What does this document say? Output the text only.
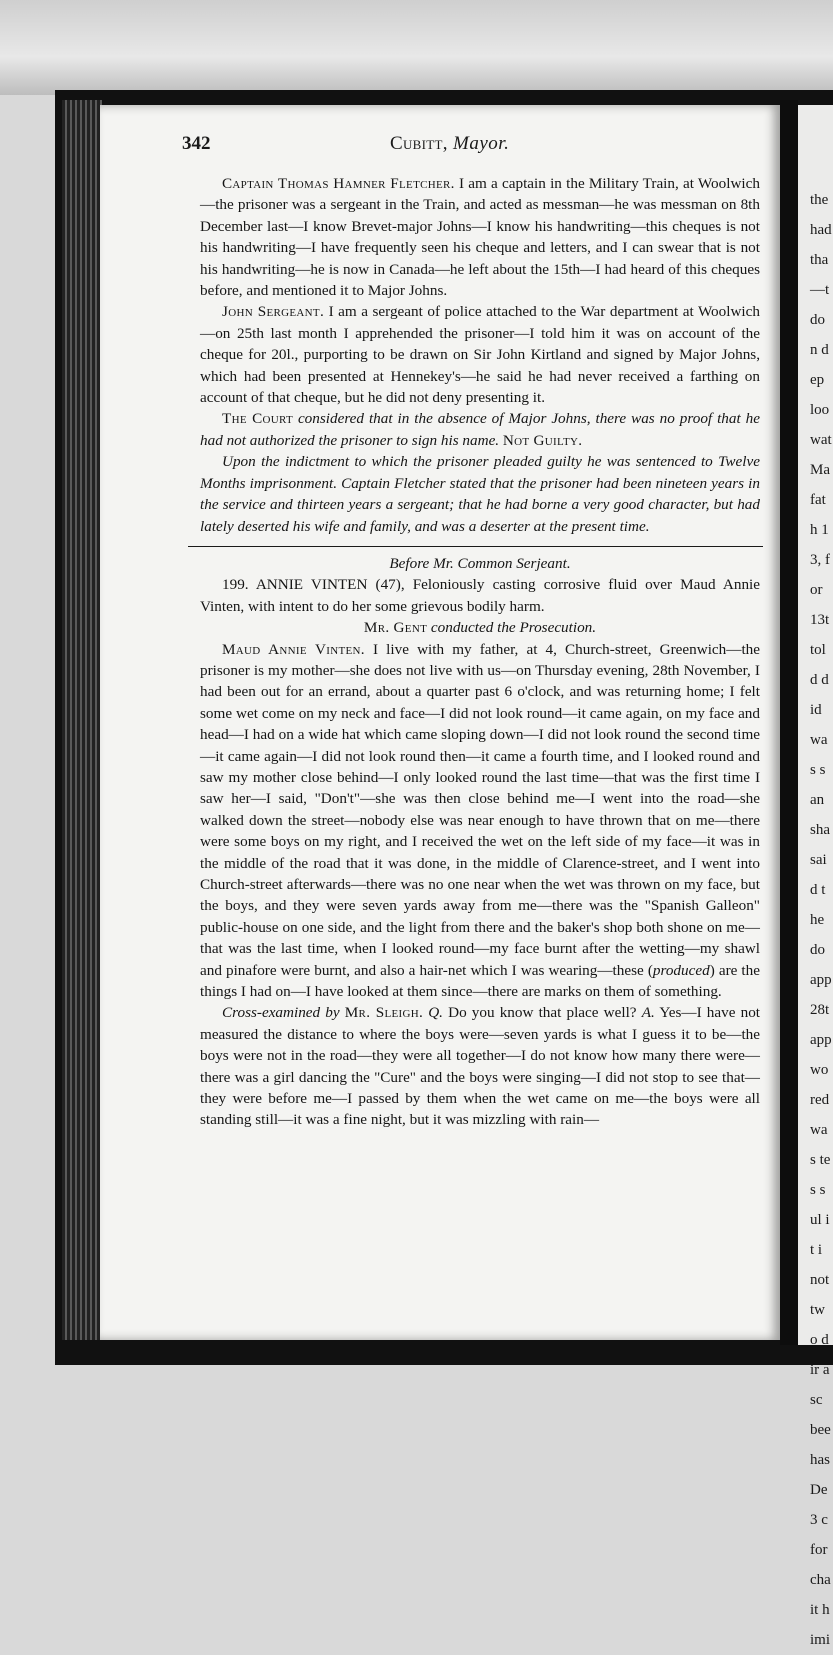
the had tha —t don dep loo wat Ma fath 13, for 13t told did was san sha said the do app 28t app wo red was tes sul it i not two dir asc bee has De 3 c for cha it h imi
342	Cubitt, Mayor.

Captain Thomas Hamner Fletcher. I am a captain in the Military Train, at Woolwich—the prisoner was a sergeant in the Train, and acted as messman—he was messman on 8th December last—I know Brevet-major Johns—I know his handwriting—this cheques is not his handwriting—I have frequently seen his cheque and letters, and I can swear that is not his handwriting—he is now in Canada—he left about the 15th—I had heard of this cheques before, and mentioned it to Major Johns.

John Sergeant. I am a sergeant of police attached to the War department at Woolwich—on 25th last month I apprehended the prisoner—I told him it was on account of the cheque for 20l., purporting to be drawn on Sir John Kirtland and signed by Major Johns, which had been presented at Hennekey's—he said he had never received a farthing on account of that cheque, but he did not deny presenting it.

The Court considered that in the absence of Major Johns, there was no proof that he had not authorized the prisoner to sign his name. Not Guilty.

Upon the indictment to which the prisoner pleaded guilty he was sentenced to Twelve Months imprisonment. Captain Fletcher stated that the prisoner had been nineteen years in the service and thirteen years a sergeant; that he had borne a very good character, but had lately deserted his wife and family, and was a deserter at the present time.

Before Mr. Common Serjeant.

199. ANNIE VINTEN (47), Feloniously casting corrosive fluid over Maud Annie Vinten, with intent to do her some grievous bodily harm.

Mr. Gent conducted the Prosecution.

Maud Annie Vinten. I live with my father, at 4, Church-street, Greenwich—the prisoner is my mother—she does not live with us—on Thursday evening, 28th November, I had been out for an errand, about a quarter past 6 o'clock, and was returning home; I felt some wet come on my neck and face—I did not look round—it came again, on my face and head—I had on a wide hat which came sloping down—I did not look round the second time—it came again—I did not look round then—it came a fourth time, and I looked round and saw my mother close behind—I only looked round the last time—that was the first time I saw her—I said, "Don't"—she was then close behind me—I went into the road—she walked down the street—nobody else was near enough to have thrown that on me—there were some boys on my right, and I received the wet on the left side of my face—it was in the middle of the road that it was done, in the middle of Clarence-street, and I went into Church-street afterwards—there was no one near when the wet was thrown on my face, but the boys, and they were seven yards away from me—there was the "Spanish Galleon" public-house on one side, and the light from there and the baker's shop both shone on me—that was the last time, when I looked round—my face burnt after the wetting—my shawl and pinafore were burnt, and also a hair-net which I was wearing—these (produced) are the things I had on—I have looked at them since—there are marks on them of something.

Cross-examined by Mr. Sleigh. Q. Do you know that place well? A. Yes—I have not measured the distance to where the boys were—seven yards is what I guess it to be—the boys were not in the road—they were all together—I do not know how many there were—there was a girl dancing the "Cure" and the boys were singing—I did not stop to see that—they were before me—I passed by them when the wet came on me—the boys were all standing still—it was a fine night, but it was mizzling with rain—
